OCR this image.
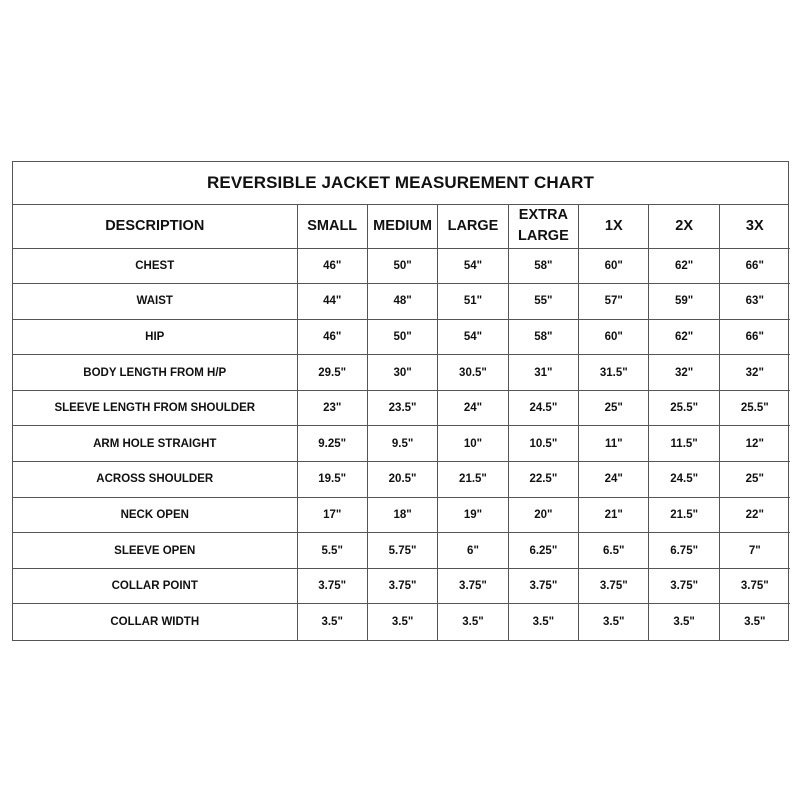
REVERSIBLE JACKET MEASUREMENT CHART
DESCRIPTION	SMALL	MEDIUM	LARGE	EXTRA LARGE	1X	2X	3X
CHEST	46"	50"	54"	58"	60"	62"	66"
WAIST	44"	48"	51"	55"	57"	59"	63"
HIP	46"	50"	54"	58"	60"	62"	66"
BODY LENGTH FROM H/P	29.5"	30"	30.5"	31"	31.5"	32"	32"
SLEEVE LENGTH FROM SHOULDER	23"	23.5"	24"	24.5"	25"	25.5"	25.5"
ARM HOLE STRAIGHT	9.25"	9.5"	10"	10.5"	11"	11.5"	12"
ACROSS SHOULDER	19.5"	20.5"	21.5"	22.5"	24"	24.5"	25"
NECK OPEN	17"	18"	19"	20"	21"	21.5"	22"
SLEEVE OPEN	5.5"	5.75"	6"	6.25"	6.5"	6.75"	7"
COLLAR POINT	3.75"	3.75"	3.75"	3.75"	3.75"	3.75"	3.75"
COLLAR WIDTH	3.5"	3.5"	3.5"	3.5"	3.5"	3.5"	3.5"
